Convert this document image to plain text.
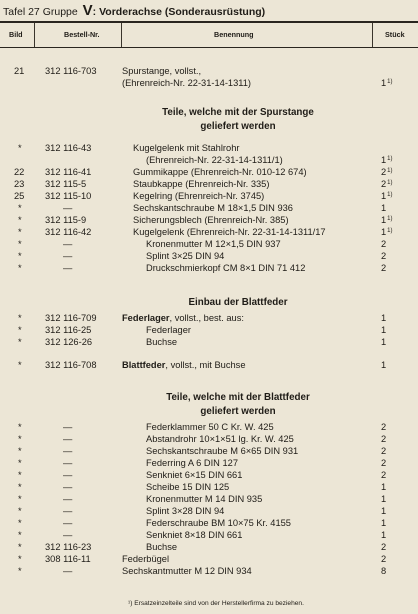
Tafel 27 Gruppe V: Vorderachse (Sonderausrüstung)
Bild	Bestell-Nr.	Benennung	Stück
Teile, welche mit der Spurstange
geliefert werden
Einbau der Blattfeder
Teile, welche mit der Blattfeder
geliefert werden
21 312 116-703	Spurstange, vollst.,
(Ehrenreich-Nr. 22-31-14-1311)	1$^{1)}$
*	312 116-43	Kugelgelenk mit Stahlrohr
(Ehrenreich-Nr. 22-31-14-1311/1)	1$^{1)}$
22 312 116-41	Gummikappe (Ehrenreich-Nr. 010-12 674)	2$^{1)}$
23 312 115-5	Staubkappe (Ehrenreich-Nr. 335)	2$^{1)}$
25 312 115-10	Kegelring (Ehrenreich-Nr. 3745)	1$^{1)}$
*	—	Sechskantschraube M 18×1,5 DIN 936	1
*	312 115-9	Sicherungsblech (Ehrenreich-Nr. 385)	1$^{1)}$
*	312 116-42	Kugelgelenk (Ehrenreich-Nr. 22-31-14-1311/17	1$^{1)}$
*	—	Kronenmutter M 12×1,5 DIN 937	2
*	—	Splint 3×25 DIN 94	2
*	—	Druckschmierkopf CM 8×1 DIN 71 412	2
*	312 116-709	Federlager, vollst., best. aus:	1
*	312 116-25	Federlager	1
*	312 126-26	Buchse	1
*	312 116-708	Blattfeder, vollst., mit Buchse	1
*	—	Federklammer 50 C Kr. W. 425	2
*	—	Abstandrohr 10×1×51 lg. Kr. W. 425	2
*	—	Sechskantschraube M 6×65 DIN 931	2
*	—	Federring A 6 DIN 127	2
*	—	Senkniet 6×15 DIN 661	2
*	—	Scheibe 15 DIN 125	1
*	—	Kronenmutter M 14 DIN 935	1
*	—	Splint 3×28 DIN 94	1
*	—	Federschraube BM 10×75 Kr. 4155	1
*	—	Senkniet 8×18 DIN 661	1
*	312 116-23	Buchse	2
*	308 116-11	Federbügel	2
*	—	Sechskantmutter M 12 DIN 934	8
¹) Ersatzeinzelteile sind von der Herstellerfirma zu beziehen.
